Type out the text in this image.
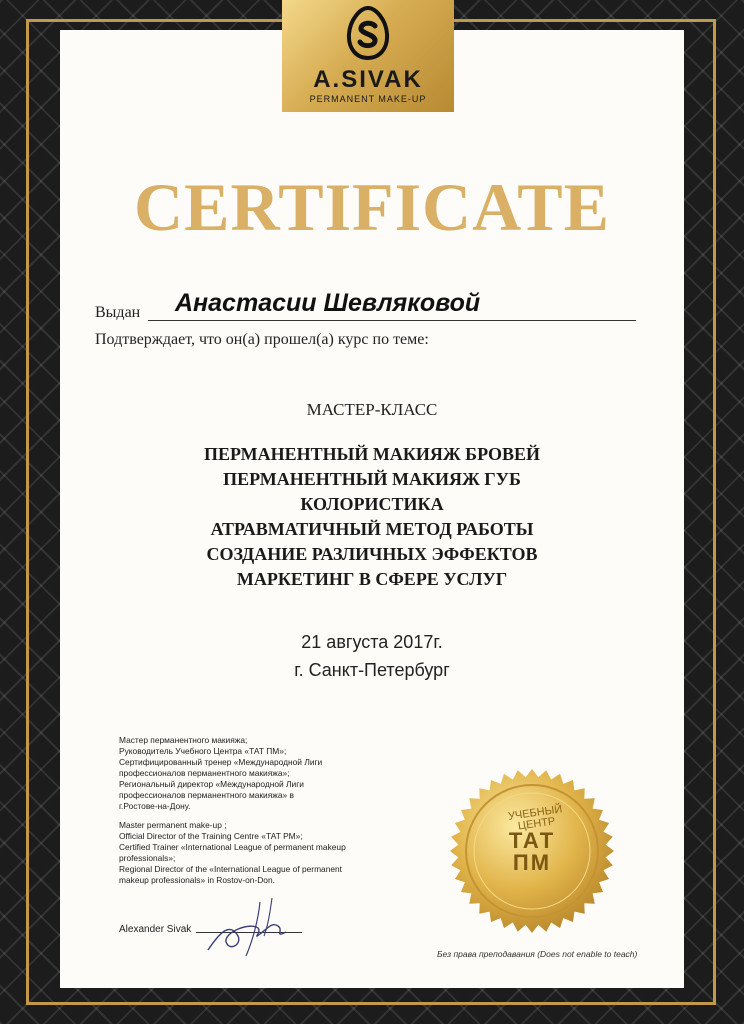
A.SIVAK
PERMANENT MAKE-UP
CERTIFICATE
Выдан Анастасии Шевляковой
Подтверждает, что он(а) прошел(а) курс по теме:
МАСТЕР-КЛАСС
ПЕРМАНЕНТНЫЙ МАКИЯЖ БРОВЕЙ
ПЕРМАНЕНТНЫЙ МАКИЯЖ ГУБ
КОЛОРИСТИКА
АТРАВМАТИЧНЫЙ МЕТОД РАБОТЫ
СОЗДАНИЕ РАЗЛИЧНЫХ ЭФФЕКТОВ
МАРКЕТИНГ В СФЕРЕ УСЛУГ
21 августа 2017г.
г. Санкт-Петербург
Мастер перманентного макияжа;
Руководитель Учебного Центра «ТАТ ПМ»;
Сертифицированный тренер «Международной Лиги
профессионалов перманентного макияжа»;
Региональный директор «Международной Лиги
профессионалов перманентного макияжа» в
г.Ростове-на-Дону.
Master permanent make-up ;
Official Director of the Training Centre «ТАТ РМ»;
Certified Trainer «International League of permanent makeup
professionals»;
Regional Director of the «International League of permanent
makeup professionals» in Rostov-on-Don.
Alexander Sivak
УЧЕБНЫЙ ЦЕНТР
ТАТ
ПМ
Без права преподавания (Does not enable to teach)
